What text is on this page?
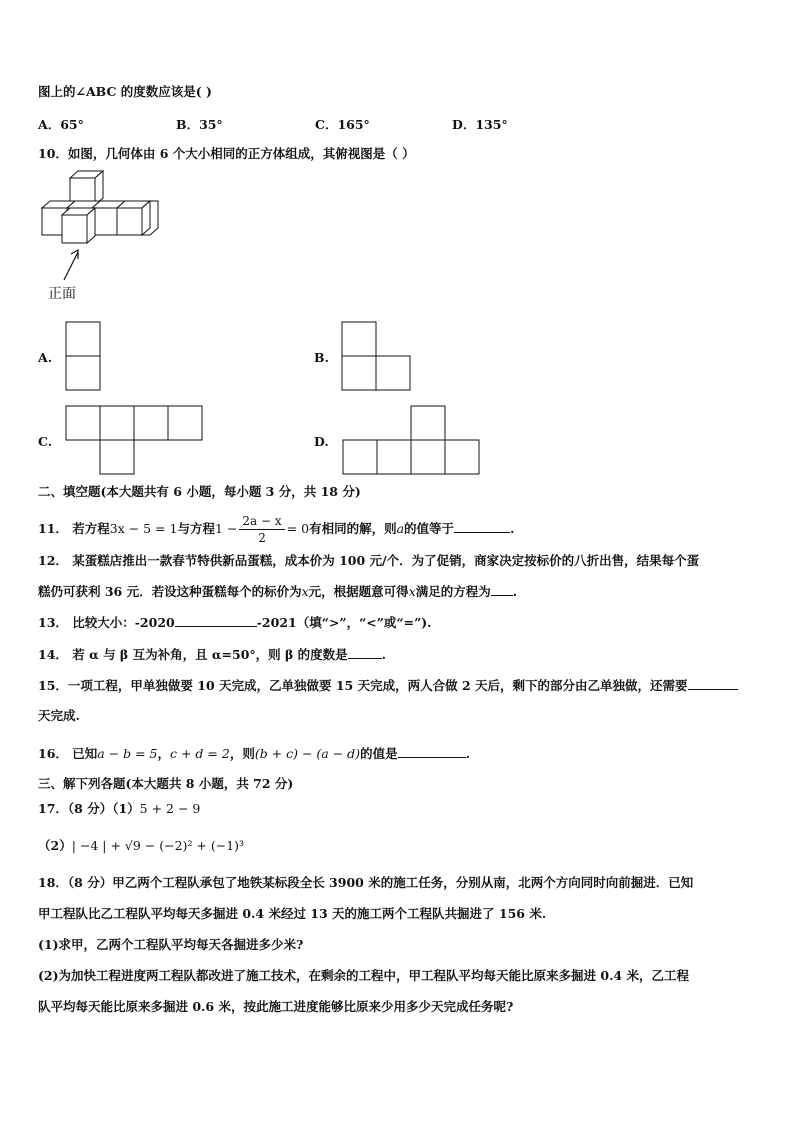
图上的∠ABC 的度数应该是( )
A．65°	B．35°	C．165°	D．135°
10．如图，几何体由 6 个大小相同的正方体组成，其俯视图是（ ）
正面
A.	B.
C.	D.
二、填空题(本大题共有 6 小题，每小题 3 分，共 18 分)
11． 若方程3x − 5 = 1与方程$1 - \frac{2a - x}{2} = 0$有相同的解，则a的值等于	.
12． 某蛋糕店推出一款春节特供新品蛋糕，成本价为 100 元/个．为了促销，商家决定按标价的八折出售，结果每个蛋
糕仍可获利 36 元．若设这种蛋糕每个的标价为x元，根据题意可得x满足的方程为 .
13． 比较大小：-2020	-2021（填“>”，“<”或“=”).
14． 若 α 与 β 互为补角，且 α=50°，则 β 的度数是	.
15．一项工程，甲单独做要 10 天完成，乙单独做要 15 天完成，两人合做 2 天后，剩下的部分由乙单独做，还需要
天完成.
16． 已知a − b = 5，c + d = 2，则(b + c) − (a − d)的值是	.
三、解下列各题(本大题共 8 小题，共 72 分)
17．（8 分）（1）5 + 2 − 9
（2）| −4 | + √9 − (−2)² + (−1)³
18．（8 分）甲乙两个工程队承包了地铁某标段全长 3900 米的施工任务，分别从南，北两个方向同时向前掘进．已知
甲工程队比乙工程队平均每天多掘进 0.4 米经过 13 天的施工两个工程队共掘进了 156 米.
(1)求甲，乙两个工程队平均每天各掘进多少米?
(2)为加快工程进度两工程队都改进了施工技术，在剩余的工程中，甲工程队平均每天能比原来多掘进 0.4 米，乙工程
队平均每天能比原来多掘进 0.6 米，按此施工进度能够比原来少用多少天完成任务呢?
